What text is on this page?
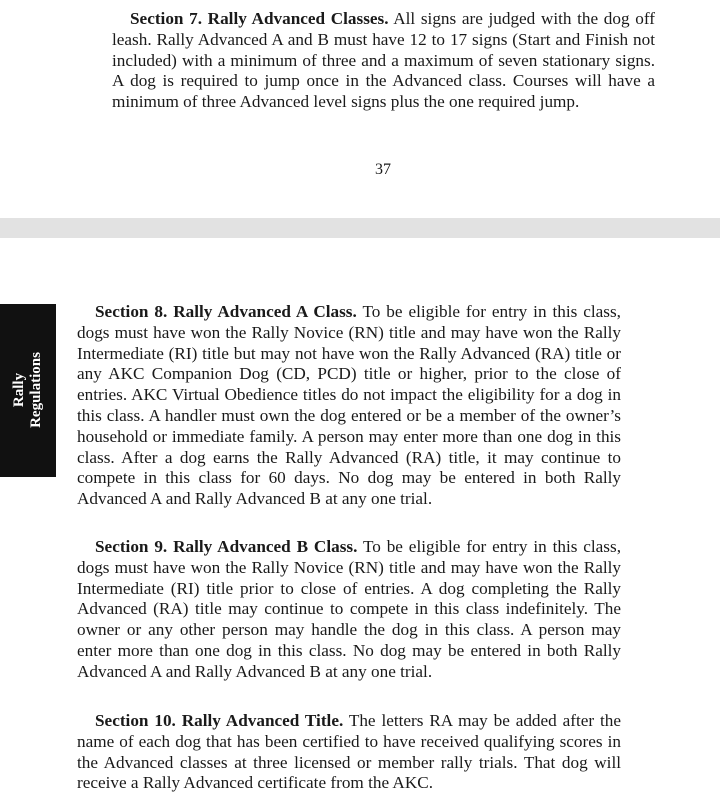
Section 7. Rally Advanced Classes. All signs are judged with the dog off leash. Rally Advanced A and B must have 12 to 17 signs (Start and Finish not included) with a minimum of three and a maximum of seven stationary signs. A dog is required to jump once in the Advanced class. Courses will have a minimum of three Advanced level signs plus the one required jump.

37
Rally Regulations

Section 8. Rally Advanced A Class. To be eligible for entry in this class, dogs must have won the Rally Novice (RN) title and may have won the Rally Intermediate (RI) title but may not have won the Rally Advanced (RA) title or any AKC Companion Dog (CD, PCD) title or higher, prior to the close of entries. AKC Virtual Obedience titles do not impact the eligibility for a dog in this class. A handler must own the dog entered or be a member of the owner’s household or immediate family. A person may enter more than one dog in this class. After a dog earns the Rally Advanced (RA) title, it may continue to compete in this class for 60 days. No dog may be entered in both Rally Advanced A and Rally Advanced B at any one trial.

Section 9. Rally Advanced B Class. To be eligible for entry in this class, dogs must have won the Rally Novice (RN) title and may have won the Rally Intermediate (RI) title prior to close of entries. A dog completing the Rally Advanced (RA) title may continue to compete in this class indefinitely. The owner or any other person may handle the dog in this class. A person may enter more than one dog in this class. No dog may be entered in both Rally Advanced A and Rally Advanced B at any one trial.

Section 10. Rally Advanced Title. The letters RA may be added after the name of each dog that has been certified to have received qualifying scores in the Advanced classes at three licensed or member rally trials. That dog will receive a Rally Advanced certificate from the AKC.
